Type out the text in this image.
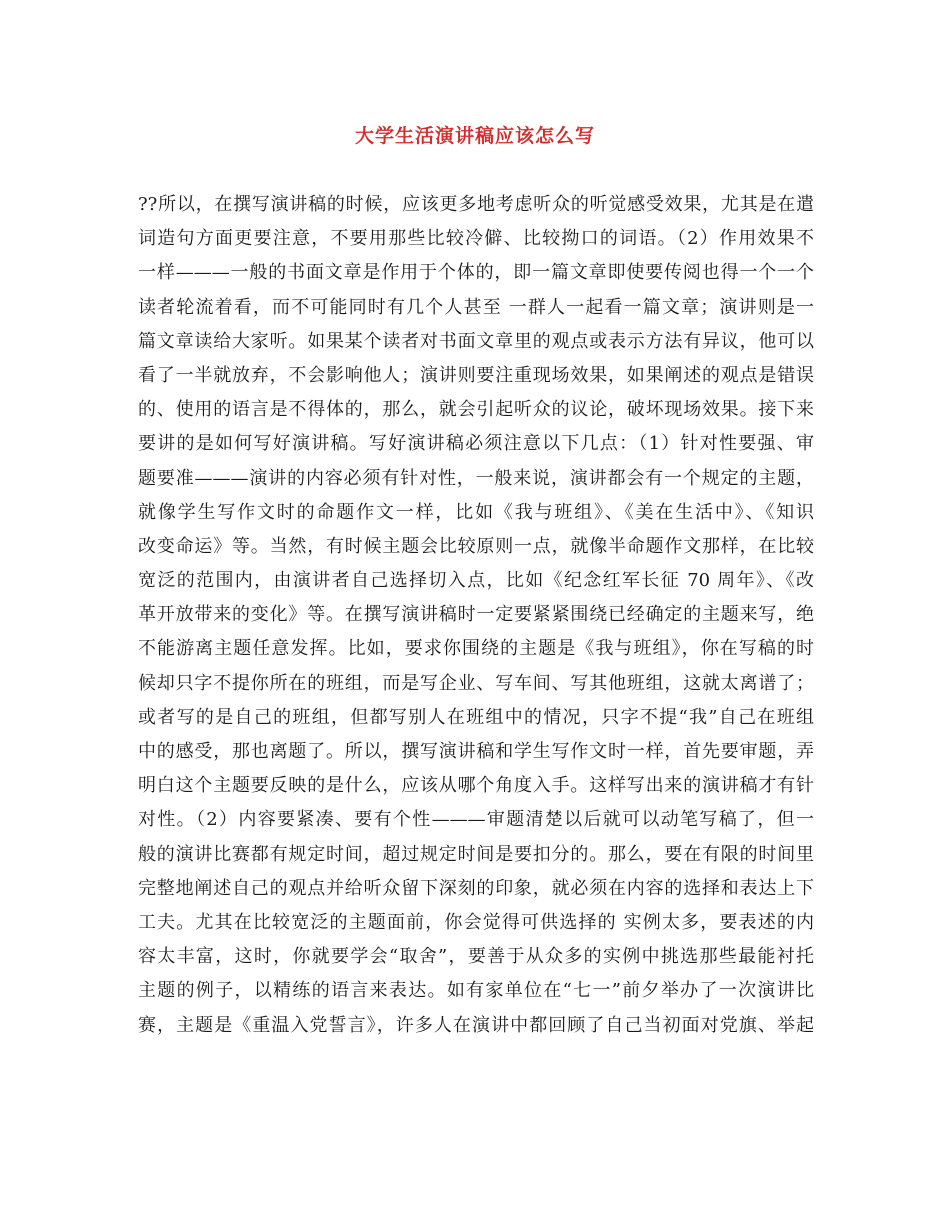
大学生活演讲稿应该怎么写
??所以，在撰写演讲稿的时候，应该更多地考虑听众的听觉感受效果，尤其是在遣
词造句方面更要注意，不要用那些比较冷僻、比较拗口的词语。（2）作用效果不
一样———一般的书面文章是作用于个体的，即一篇文章即使要传阅也得一个一个
读者轮流着看，而不可能同时有几个人甚至 一群人一起看一篇文章；演讲则是一
篇文章读给大家听。如果某个读者对书面文章里的观点或表示方法有异议，他可以
看了一半就放弃，不会影响他人；演讲则要注重现场效果，如果阐述的观点是错误
的、使用的语言是不得体的，那么，就会引起听众的议论，破坏现场效果。接下来
要讲的是如何写好演讲稿。写好演讲稿必须注意以下几点：（1）针对性要强、审
题要准———演讲的内容必须有针对性，一般来说，演讲都会有一个规定的主题，
就像学生写作文时的命题作文一样，比如《我与班组》、《美在生活中》、《知识
改变命运》等。当然，有时候主题会比较原则一点，就像半命题作文那样，在比较
宽泛的范围内，由演讲者自己选择切入点，比如《纪念红军长征 70 周年》、《改
革开放带来的变化》等。在撰写演讲稿时一定要紧紧围绕已经确定的主题来写，绝
不能游离主题任意发挥。比如，要求你围绕的主题是《我与班组》，你在写稿的时
候却只字不提你所在的班组，而是写企业、写车间、写其他班组，这就太离谱了；
或者写的是自己的班组，但都写别人在班组中的情况，只字不提“我”自己在班组
中的感受，那也离题了。所以，撰写演讲稿和学生写作文时一样，首先要审题，弄
明白这个主题要反映的是什么，应该从哪个角度入手。这样写出来的演讲稿才有针
对性。（2）内容要紧凑、要有个性———审题清楚以后就可以动笔写稿了，但一
般的演讲比赛都有规定时间，超过规定时间是要扣分的。那么，要在有限的时间里
完整地阐述自己的观点并给听众留下深刻的印象，就必须在内容的选择和表达上下
工夫。尤其在比较宽泛的主题面前，你会觉得可供选择的 实例太多，要表述的内
容太丰富，这时，你就要学会“取舍”，要善于从众多的实例中挑选那些最能衬托
主题的例子，以精练的语言来表达。如有家单位在“七一”前夕举办了一次演讲比
赛，主题是《重温入党誓言》，许多人在演讲中都回顾了自己当初面对党旗、举起
